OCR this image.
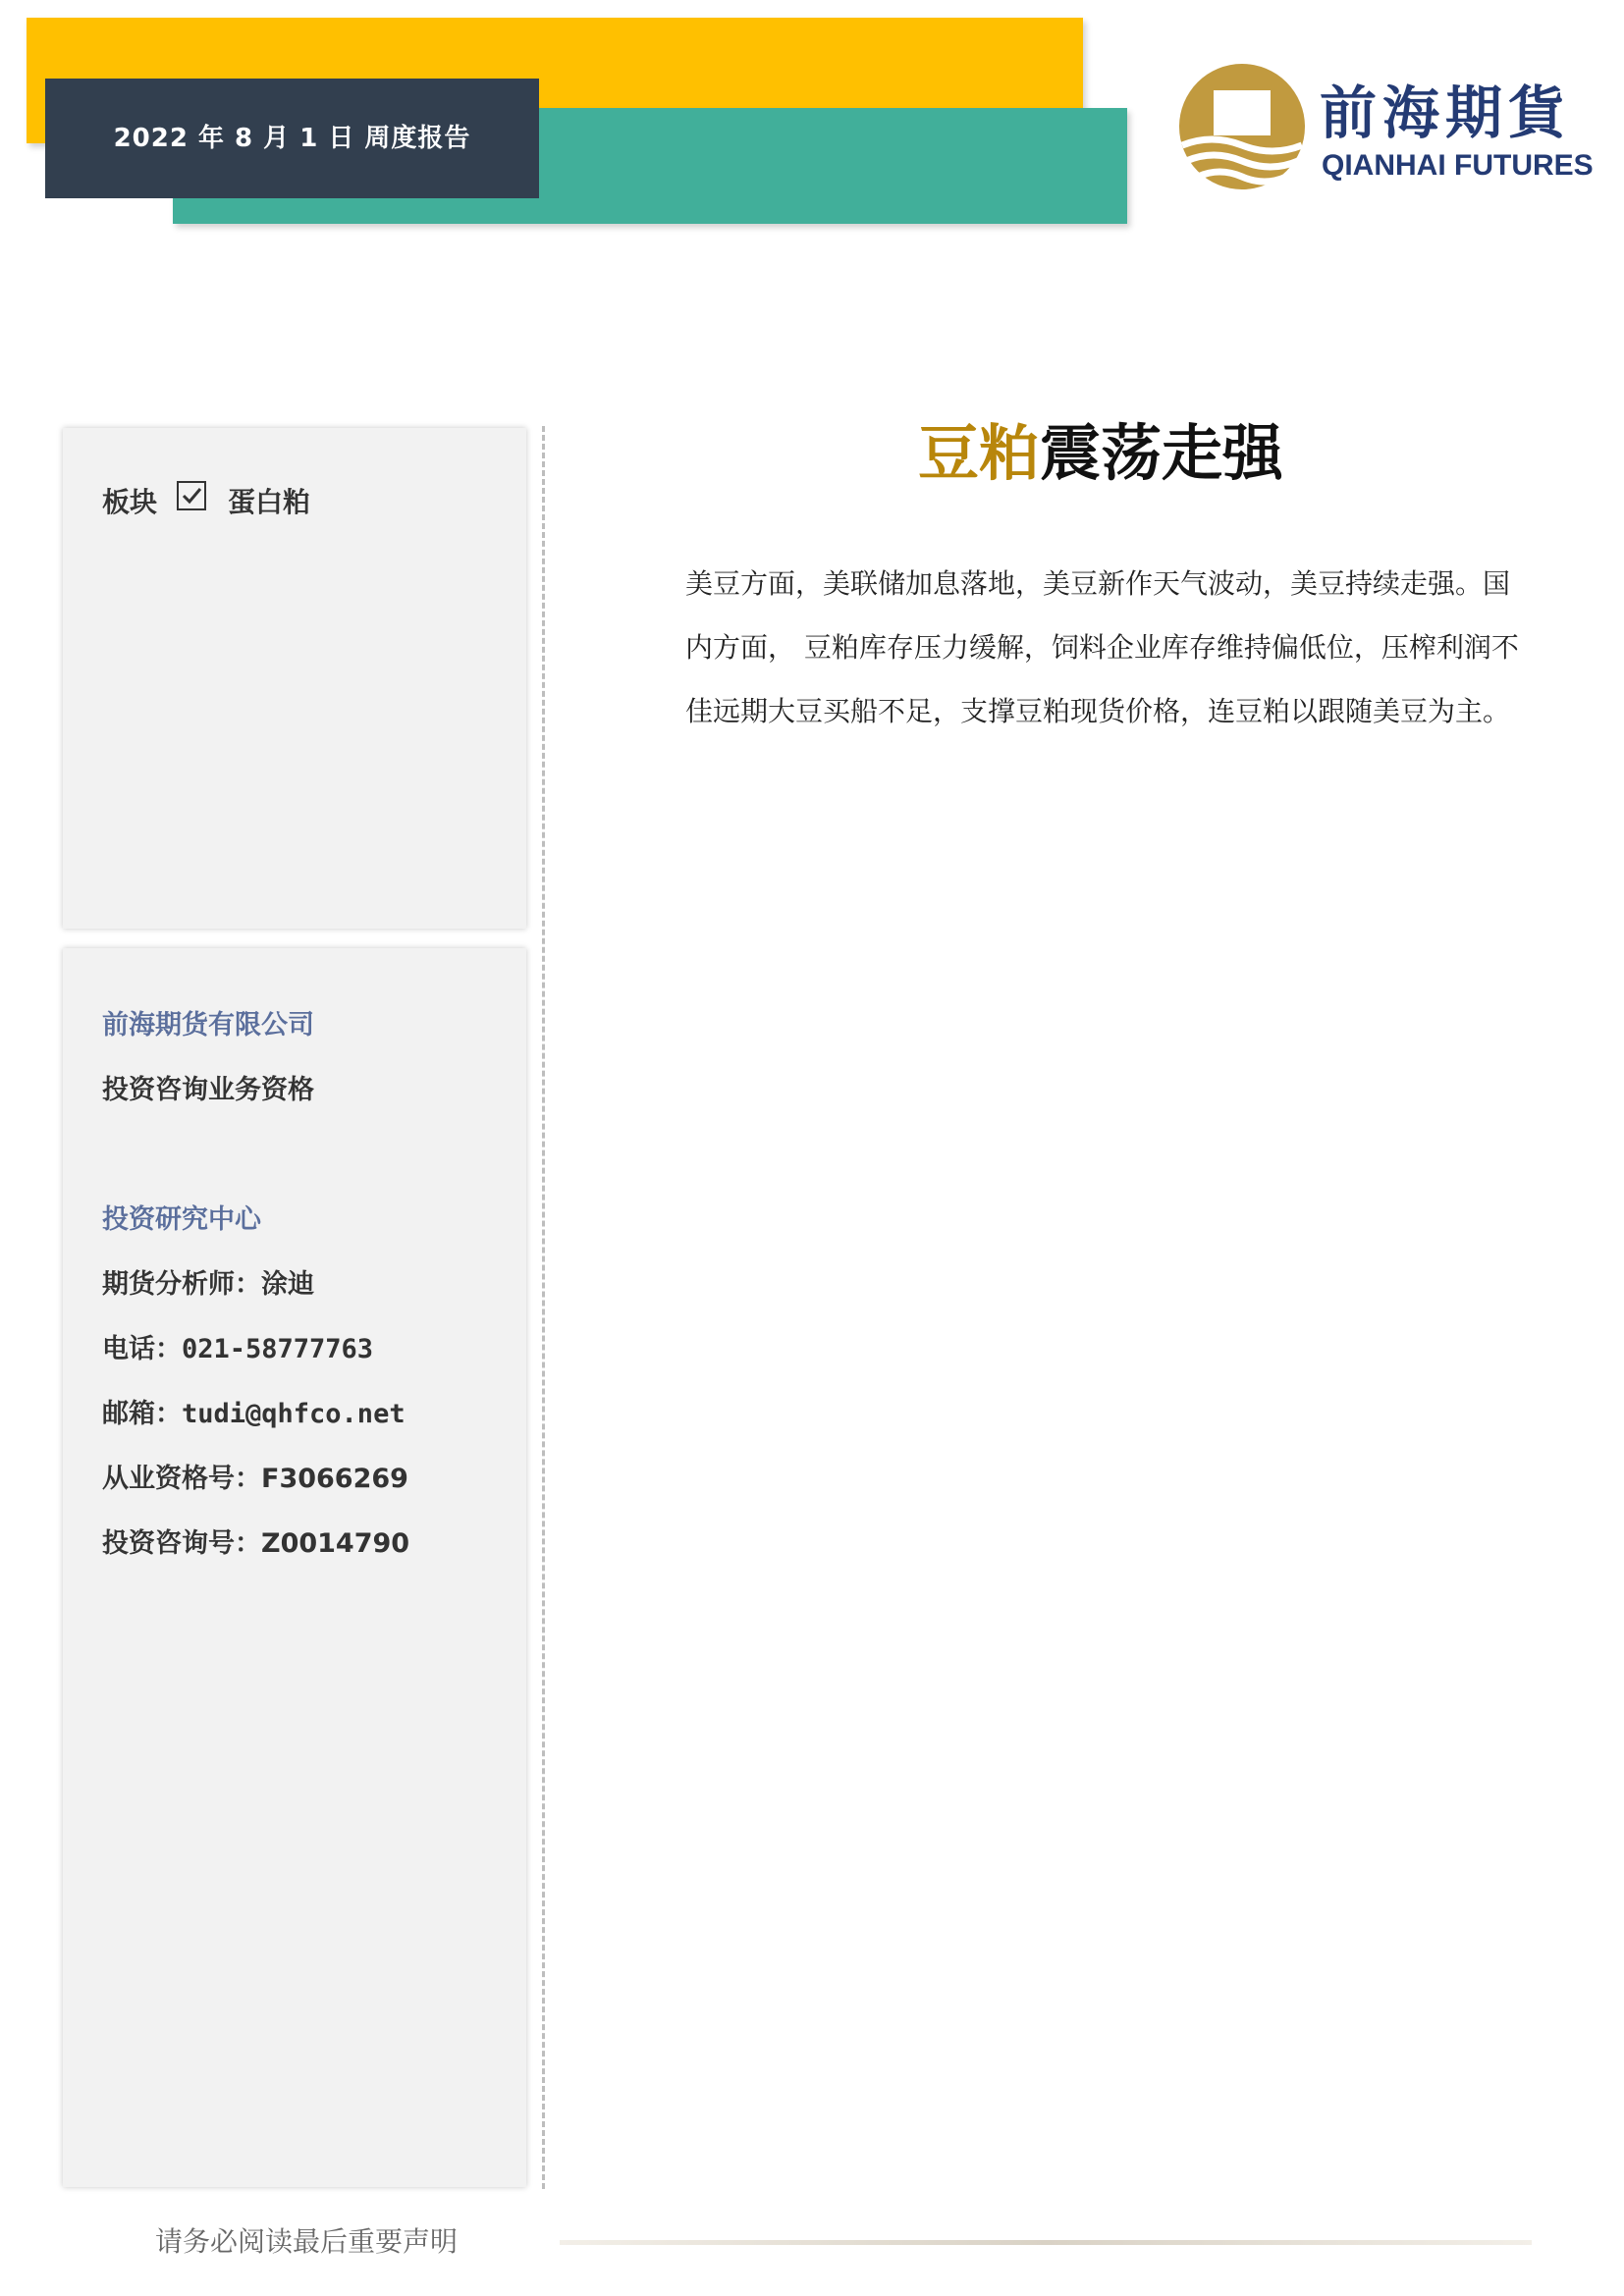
2022 年 8 月 1 日 周度报告	前海期貨
QIANHAI FUTURES
板块	蛋白粕
前海期货有限公司
投资咨询业务资格
投资研究中心
期货分析师：涂迪
电话：021-58777763
邮箱：tudi@qhfco.net
从业资格号：F3066269
投资咨询号：Z0014790
豆粕震荡走强
美豆方面，美联储加息落地，美豆新作天气波动，美豆持续走强。国内方面， 豆粕库存压力缓解，饲料企业库存维持偏低位，压榨利润不佳远期大豆买船不足，支撑豆粕现货价格，连豆粕以跟随美豆为主。
请务必阅读最后重要声明
